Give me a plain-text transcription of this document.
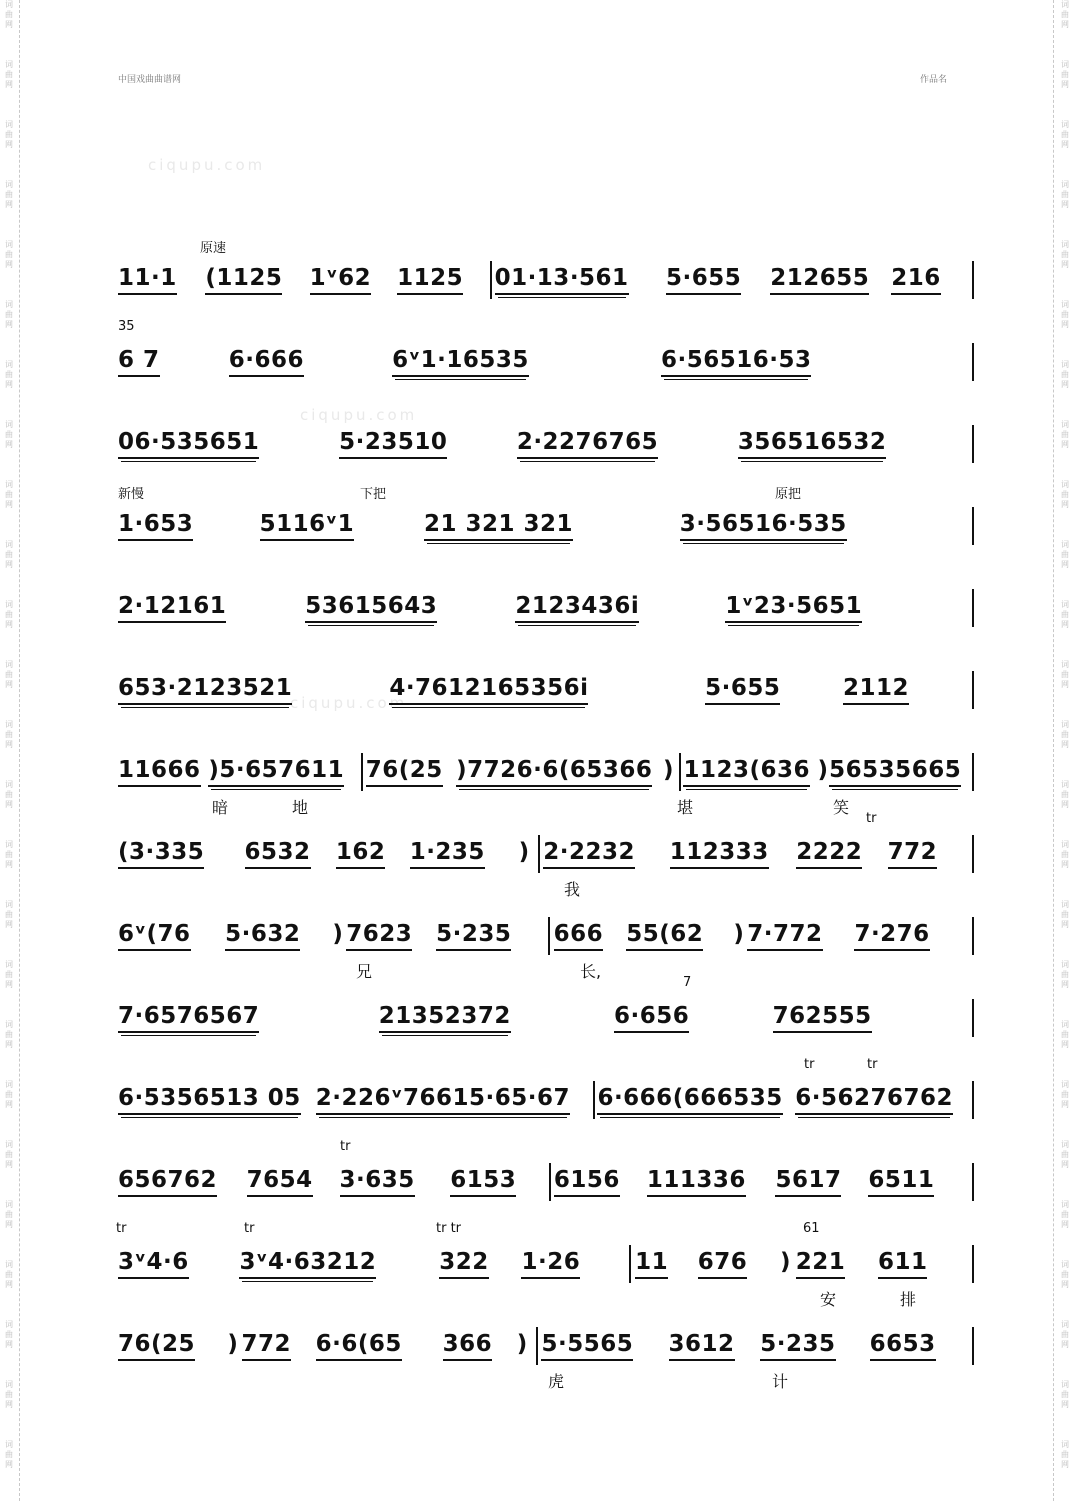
词
曲
网
词
曲
网
词
曲
网
词
曲
网
词
曲
网
词
曲
网
词
曲
网
词
曲
网
词
曲
网
词
曲
网
词
曲
网
词
曲
网
词
曲
网
词
曲
网
词
曲
网
词
曲
网
词
曲
网
词
曲
网
词
曲
网
词
曲
网
词
曲
网
词
曲
网
词
曲
网
词
曲
网
词
曲
网
词
曲
网
词
曲
网
词
曲
网
词
曲
网
词
曲
网
词
曲
网
词
曲
网
词
曲
网
词
曲
网
词
曲
网
词
曲
网
词
曲
网
词
曲
网
词
曲
网
词
曲
网
词
曲
网
词
曲
网
词
曲
网
词
曲
网
词
曲
网
词
曲
网
词
曲
网
词
曲
网
词
曲
网
词
曲
网
中国戏曲曲谱网	作品名
ciqupu.com
ciqupu.com
ciqupu.com
11·1 (1125 1ᵛ62 1125 01·13·561 5·655 212655 216
原速
6 7	6·666	6ᵛ1·16535	6·56516·53
35
06·535651	5·23510	2·2276765	356516532
1·653	5116ᵛ1	21 321 321	3·56516·535
新慢	下把	原把
2·12161	53615643	2123436i	1ᵛ23·5651
653·2123521	4·7612165356i	5·655	2112
11666 )5·657611 76(25 )7726·6(65366 ) 1123(636 ) 56535665
暗	地	堪	笑
(3·335 6532 162 1·235 ) 2·2232 112333 2222 772
tr
我
6ᵛ(76 5·632 ) 7623 5·235 666 55(62 ) 7·772 7·276
兄	长,
7·6576567	21352372	6·656	762555
7
6·5356513 05 2·226ᵛ76615·65·67 6·666(666535 6·56276762
tr	tr
656762 7654 3·635 6153 6156 111336 5617 6511
tr
3ᵛ4·6 3ᵛ4·63212	322 1·26 11 676 ) 221 611
tr	tr	tr tr	61
安	排
76(25 ) 772 6·6(65 366 ) 5·5565 3612 5·235 6653
虎	计
